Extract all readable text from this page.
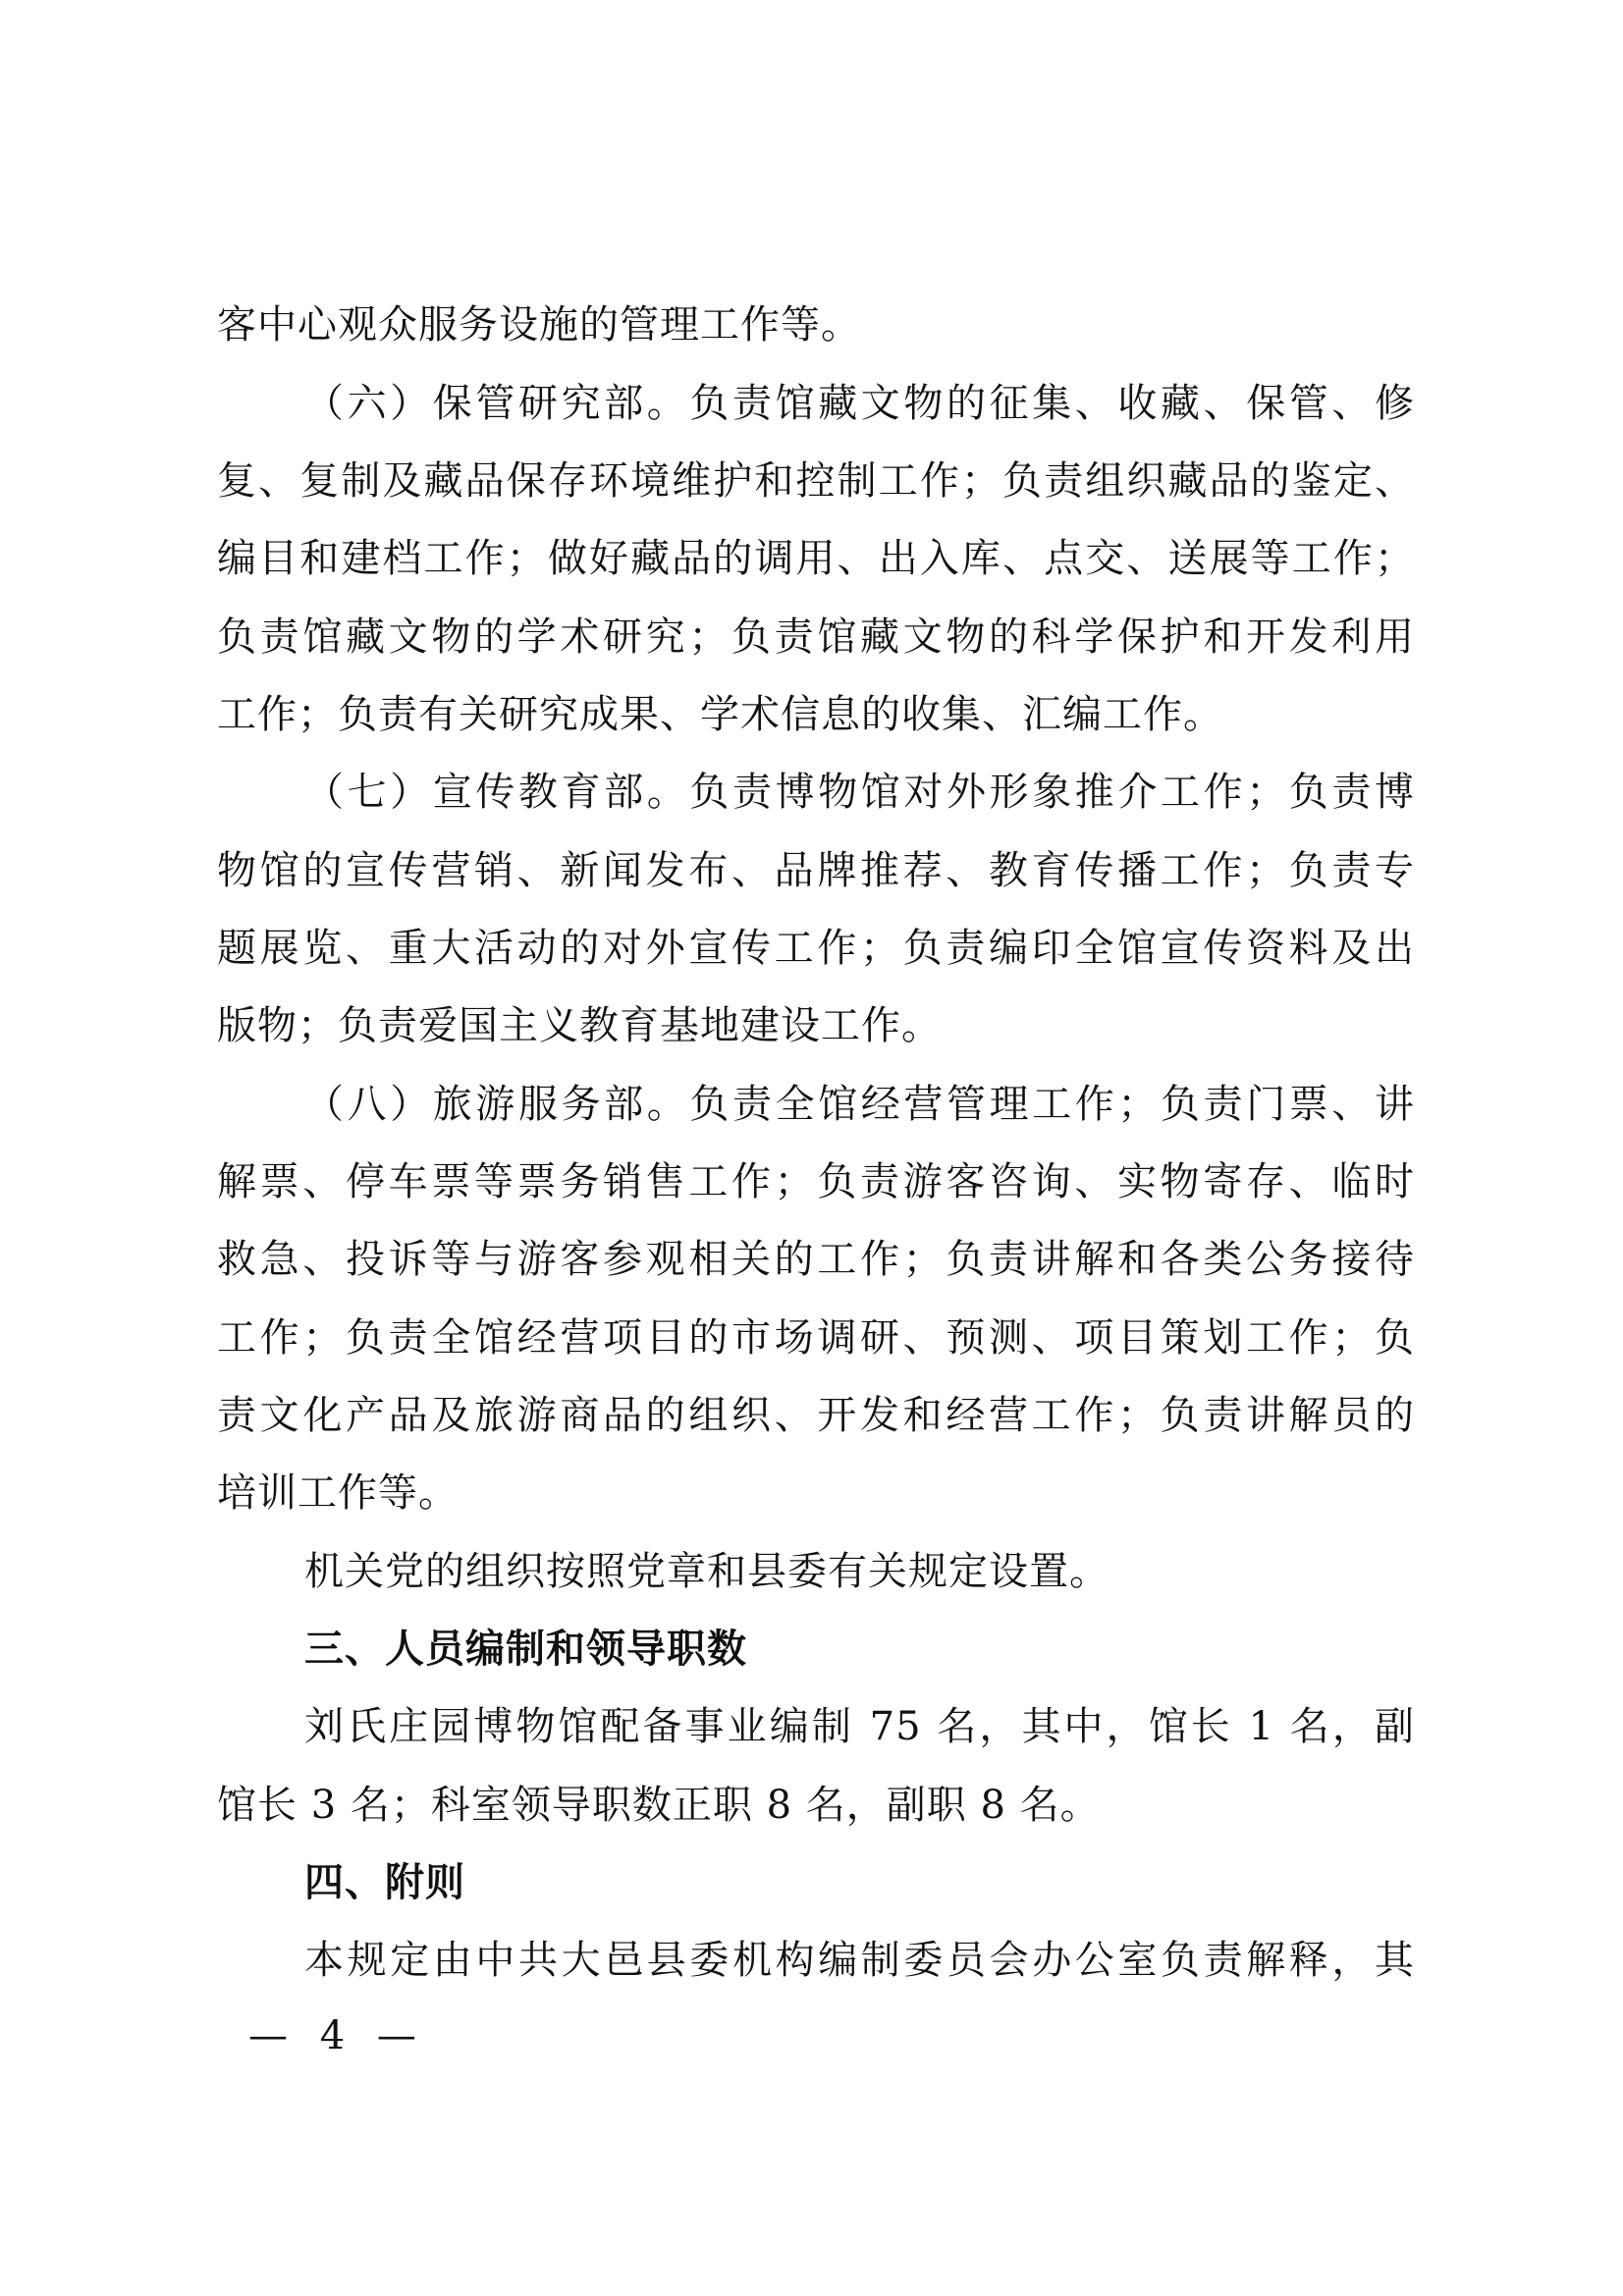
客中心观众服务设施的管理工作等。
（六）保管研究部。负责馆藏文物的征集、收藏、保管、修
复、复制及藏品保存环境维护和控制工作；负责组织藏品的鉴定、
编目和建档工作；做好藏品的调用、出入库、点交、送展等工作；
负责馆藏文物的学术研究；负责馆藏文物的科学保护和开发利用
工作；负责有关研究成果、学术信息的收集、汇编工作。
（七）宣传教育部。负责博物馆对外形象推介工作；负责博
物馆的宣传营销、新闻发布、品牌推荐、教育传播工作；负责专
题展览、重大活动的对外宣传工作；负责编印全馆宣传资料及出
版物；负责爱国主义教育基地建设工作。
（八）旅游服务部。负责全馆经营管理工作；负责门票、讲
解票、停车票等票务销售工作；负责游客咨询、实物寄存、临时
救急、投诉等与游客参观相关的工作；负责讲解和各类公务接待
工作；负责全馆经营项目的市场调研、预测、项目策划工作；负
责文化产品及旅游商品的组织、开发和经营工作；负责讲解员的
培训工作等。
机关党的组织按照党章和县委有关规定设置。
三、人员编制和领导职数
刘氏庄园博物馆配备事业编制 75 名，其中，馆长 1 名，副
馆长 3 名；科室领导职数正职 8 名，副职 8 名。
四、附则
本规定由中共大邑县委机构编制委员会办公室负责解释，其
— 4 —
